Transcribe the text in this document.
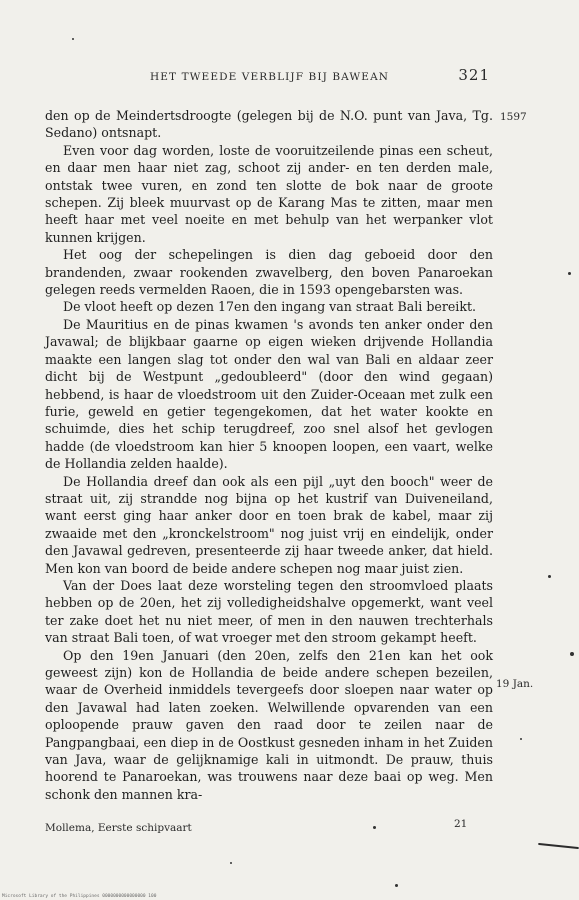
HET TWEEDE VERBLIJF BIJ BAWEAN	321
1597
19 Jan.

den op de Meindertsdroogte (gelegen bij de N.O. punt van Java, Tg. Sedano) ontsnapt.

Even voor dag worden, loste de vooruitzeilende pinas een scheut, en daar men haar niet zag, schoot zij ander- en ten derden male, ontstak twee vuren, en zond ten slotte de bok naar de groote schepen. Zij bleek muurvast op de Karang Mas te zitten, maar men heeft haar met veel noeite en met behulp van het werpanker vlot kunnen krijgen.

Het oog der schepelingen is dien dag geboeid door den brandenden, zwaar rookenden zwavelberg, den boven Panaroekan gelegen reeds vermelden Raoen, die in 1593 opengebarsten was.

De vloot heeft op dezen 17en den ingang van straat Bali bereikt.

De Mauritius en de pinas kwamen 's avonds ten anker onder den Javawal; de blijkbaar gaarne op eigen wieken drijvende Hollandia maakte een langen slag tot onder den wal van Bali en aldaar zeer dicht bij de Westpunt „gedoubleerd" (door den wind gegaan) hebbend, is haar de vloedstroom uit den Zuider-Oceaan met zulk een furie, geweld en getier tegengekomen, dat het water kookte en schuimde, dies het schip terugdreef, zoo snel alsof het gevlogen hadde (de vloedstroom kan hier 5 knoopen loopen, een vaart, welke de Hollandia zelden haalde).

De Hollandia dreef dan ook als een pijl „uyt den booch" weer de straat uit, zij strandde nog bijna op het kustrif van Duiveneiland, want eerst ging haar anker door en toen brak de kabel, maar zij zwaaide met den „kronckelstroom" nog juist vrij en eindelijk, onder den Javawal gedreven, presenteerde zij haar tweede anker, dat hield. Men kon van boord de beide andere schepen nog maar juist zien.

Van der Does laat deze worsteling tegen den stroomvloed plaats hebben op de 20en, het zij volledigheidshalve opgemerkt, want veel ter zake doet het nu niet meer, of men in den nauwen trechterhals van straat Bali toen, of wat vroeger met den stroom gekampt heeft.

Op den 19en Januari (den 20en, zelfs den 21en kan het ook geweest zijn) kon de Hollandia de beide andere schepen bezeilen, waar de Overheid inmiddels tevergeefs door sloepen naar water op den Javawal had laten zoeken. Welwillende opvarenden van een oploopende prauw gaven den raad door te zeilen naar de Pangpangbaai, een diep in de Oostkust gesneden inham in het Zuiden van Java, waar de gelijknamige kali in uitmondt. De prauw, thuis hoorend te Panaroekan, was trouwens naar deze baai op weg. Men schonk den mannen kra-

Mollema, Eerste schipvaart	21
Microsoft Library of the Philippines 0000000000000000 100
